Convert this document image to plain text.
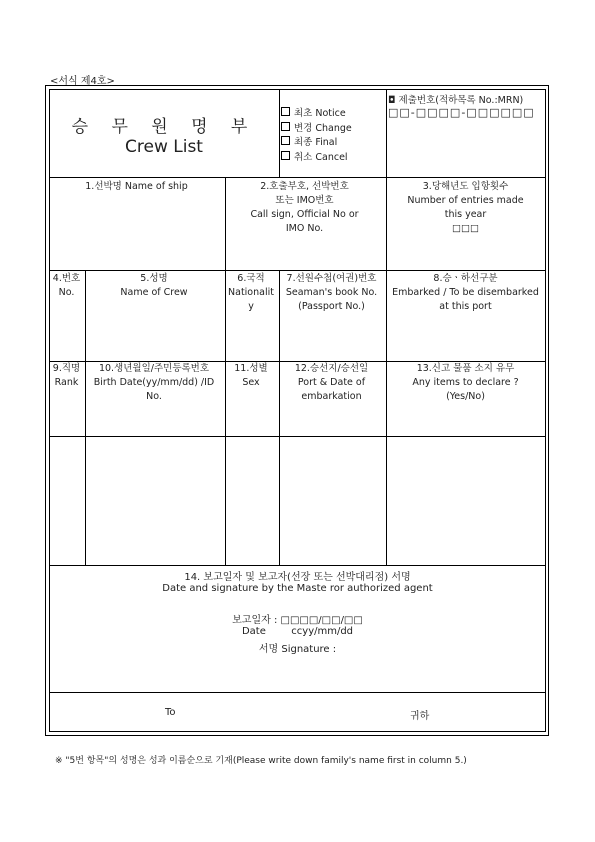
<서식 제4호>
승 무 원 명 부
Crew List
최초 Notice
변경 Change
최종 Final
취소 Cancel
◘ 제출번호(적하목록 No.:MRN)
□□-□□□□-□□□□□□
1.선박명 Name of ship	2.호출부호, 선박번호
또는 IMO번호
Call sign, Official No or
IMO No.
3.당해년도 입항횟수
Number of entries made
this year
□□□
4.번호
No.
5.성명
Name of Crew
6.국적
Nationalit
y
7.선원수첩(여권)번호
Seaman's book No.
(Passport No.)
8.승ㆍ하선구분
Embarked / To be disembarked
at this port
9.직명
Rank
10.생년월일/주민등록번호
Birth Date(yy/mm/dd) /ID
No.
11.성별
Sex
12.승선지/승선일
Port & Date of
embarkation
13.신고 물품 소지 유무
Any items to declare ?
(Yes/No)
14. 보고일자 및 보고자(선장 또는 선박대리점) 서명
Date and signature by the Maste ror authorized agent
보고일자 : □□□□/□□/□□
Date        ccyy/mm/dd
서명 Signature :
To	귀하
※ "5번 항목"의 성명은 성과 이름순으로 기재(Please write down family's name first in column 5.)
